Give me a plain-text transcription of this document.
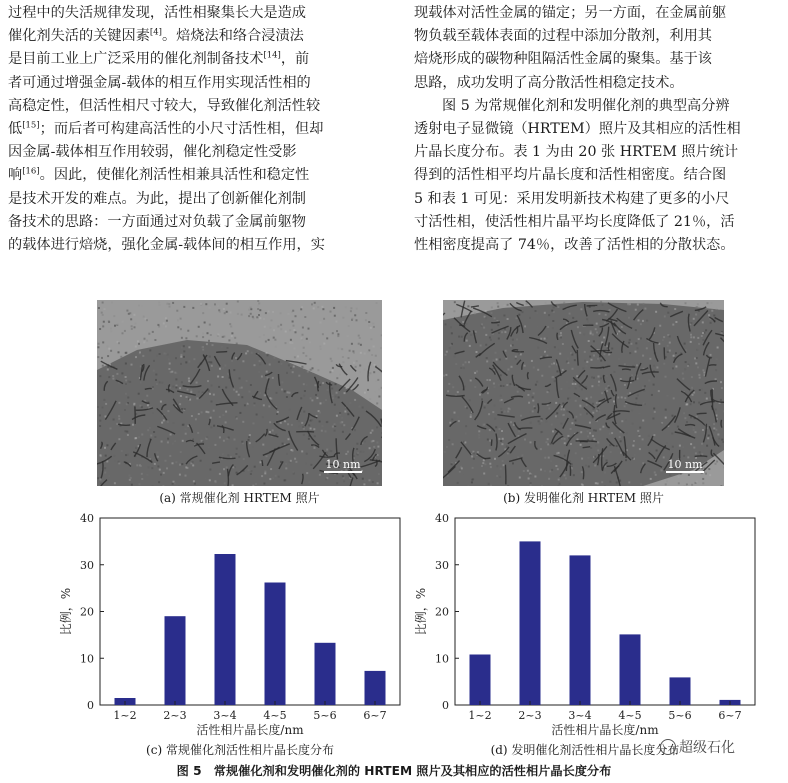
过程中的失活规律发现，活性相聚集长大是造成
催化剂失活的关键因素[4]。焙烧法和络合浸渍法
是目前工业上广泛采用的催化剂制备技术[14]，前
者可通过增强金属-载体的相互作用实现活性相的
高稳定性，但活性相尺寸较大，导致催化剂活性较
低[15]；而后者可构建高活性的小尺寸活性相，但却
因金属-载体相互作用较弱，催化剂稳定性受影
响[16]。因此，使催化剂活性相兼具活性和稳定性
是技术开发的难点。为此，提出了创新催化剂制
备技术的思路：一方面通过对负载了金属前躯物
的载体进行焙烧，强化金属-载体间的相互作用，实
现载体对活性金属的锚定；另一方面，在金属前躯
物负载至载体表面的过程中添加分散剂，利用其
焙烧形成的碳物种阻隔活性金属的聚集。基于该
思路，成功发明了高分散活性相稳定技术。
图 5 为常规催化剂和发明催化剂的典型高分辨
透射电子显微镜（HRTEM）照片及其相应的活性相
片晶长度分布。表 1 为由 20 张 HRTEM 照片统计
得到的活性相平均片晶长度和活性相密度。结合图
5 和表 1 可见：采用发明新技术构建了更多的小尺
寸活性相，使活性相片晶平均长度降低了 21％，活
性相密度提高了 74％，改善了活性相的分散状态。
10 nm	10 nm
(a) 常规催化剂 HRTEM 照片	(b) 发明催化剂 HRTEM 照片
0
10
20
30
40
1~2 2~3 3~4 4~5 5~6 6~7
活性相片晶长度/nm
比例，%
0
10
20
30
40
1~2 2~3 3~4 4~5 5~6 6~7
活性相片晶长度/nm
比例，%
(c) 常规催化剂活性相片晶长度分布	(d) 发明催化剂活性相片晶长度分布
图 5　常规催化剂和发明催化剂的 HRTEM 照片及其相应的活性相片晶长度分布
超级石化
